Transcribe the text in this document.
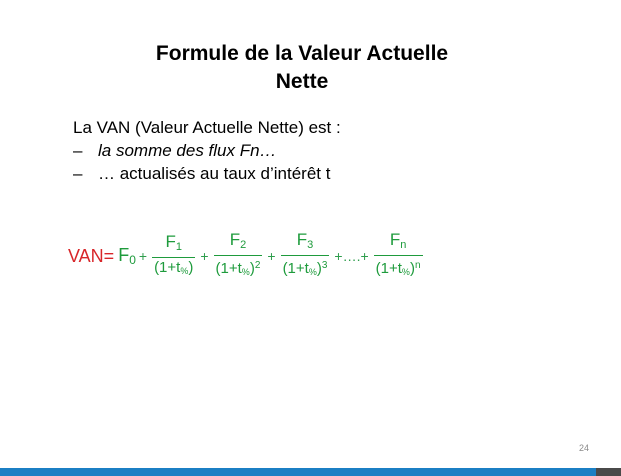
Formule de la Valeur Actuelle
Nette
La VAN (Valeur Actuelle Nette) est :
– la somme des flux Fn…
– … actualisés au taux d’intérêt t
$VAN= F_0 + \frac{F_1}{(1+t_{\%})} + \frac{F_2}{(1+t_{\%})^2} + \frac{F_3}{(1+t_{\%})^3}$ +….+ $\frac{F_n}{(1+t_{\%})^n}$
24
